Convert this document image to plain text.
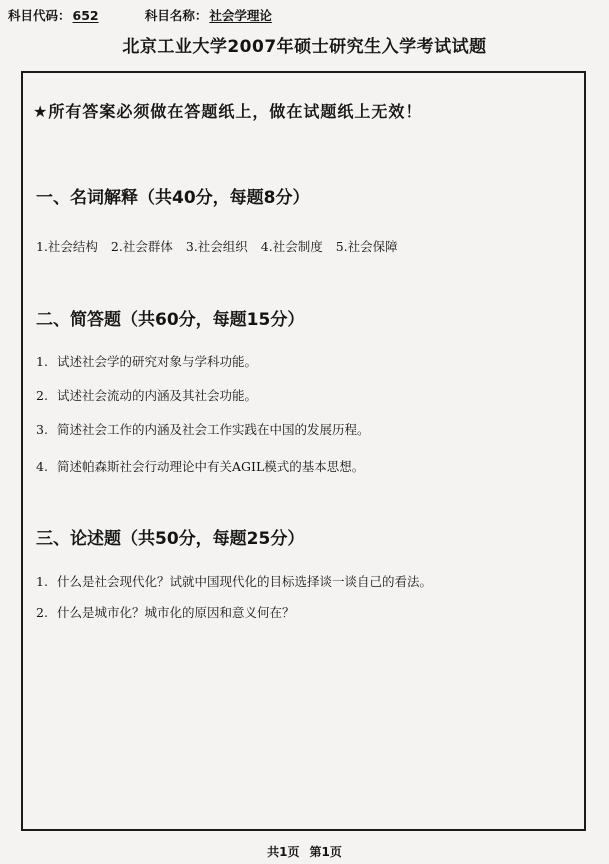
科目代码： 652	科目名称： 社会学理论
北京工业大学2007年硕士研究生入学考试试题
★所有答案必须做在答题纸上，做在试题纸上无效！
一、名词解释（共40分，每题8分）
1.社会结构 2.社会群体 3.社会组织 4.社会制度 5.社会保障
二、简答题（共60分，每题15分）
1. 试述社会学的研究对象与学科功能。
2. 试述社会流动的内涵及其社会功能。
3. 简述社会工作的内涵及社会工作实践在中国的发展历程。
4. 简述帕森斯社会行动理论中有关AGIL模式的基本思想。
三、论述题（共50分，每题25分）
1. 什么是社会现代化？试就中国现代化的目标选择谈一谈自己的看法。
2. 什么是城市化？城市化的原因和意义何在？
共1页 第1页
